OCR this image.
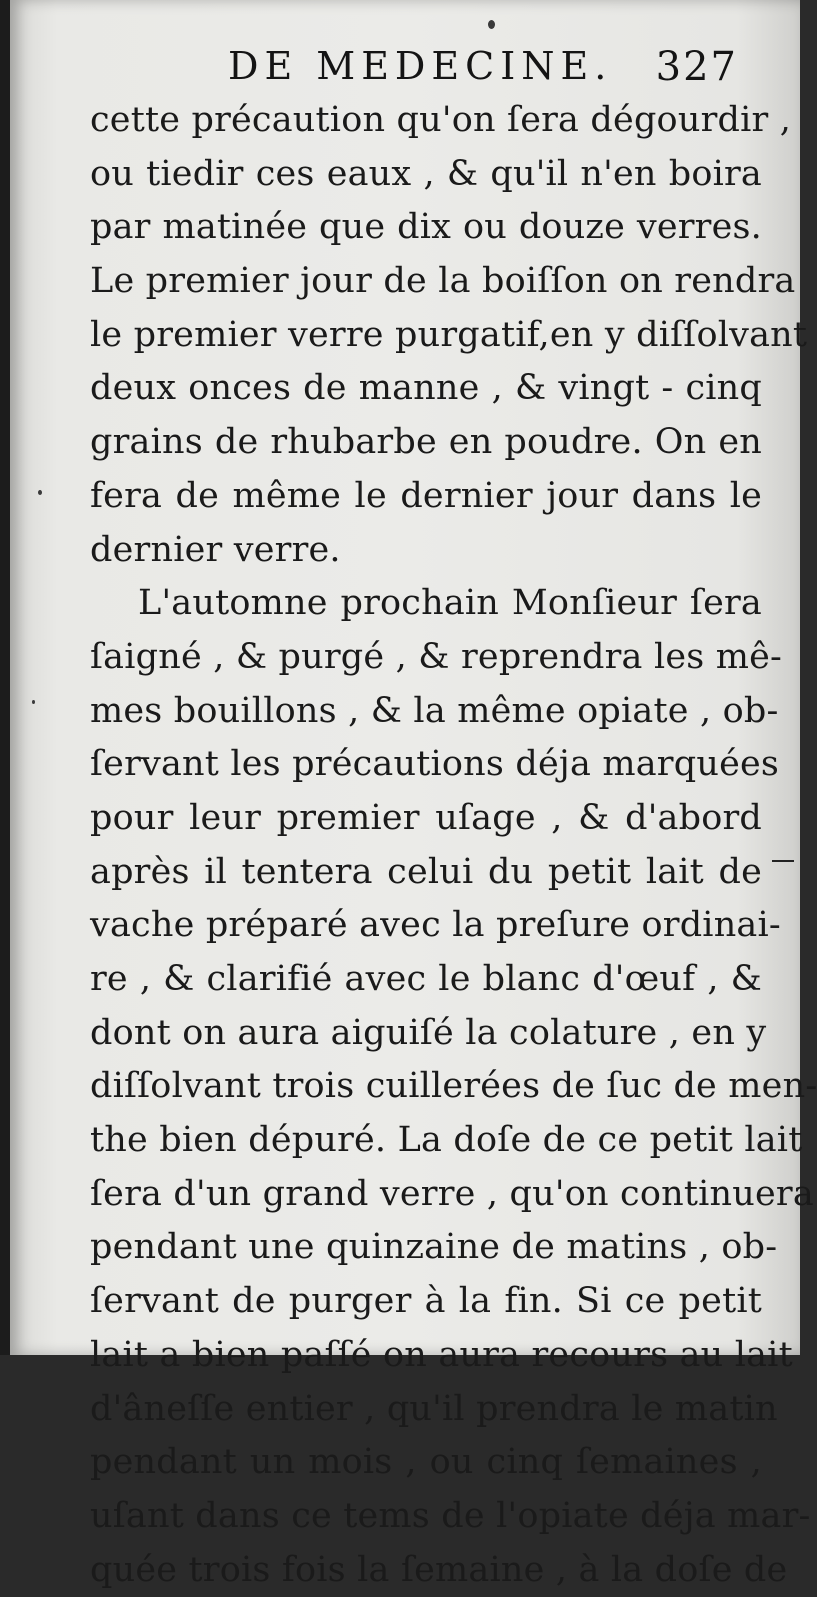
DE MEDECINE. 327
cette précaution qu'on ſera dégourdir ,
ou tiedir ces eaux , & qu'il n'en boira
par matinée que dix ou douze verres.
Le premier jour de la boiſſon on rendra
le premier verre purgatif,en y diſſolvant
deux onces de manne , & vingt - cinq
grains de rhubarbe en poudre. On en
fera de même le dernier jour dans le
dernier verre.
L'automne prochain Monſieur ſera
ſaigné , & purgé , & reprendra les mê-
mes bouillons , & la même opiate , ob-
ſervant les précautions déja marquées
pour leur premier uſage , & d'abord
après il tentera celui du petit lait de
vache préparé avec la preſure ordinai-
re , & clarifié avec le blanc d'œuf , &
dont on aura aiguiſé la colature , en y
diſſolvant trois cuillerées de ſuc de men-
the bien dépuré. La doſe de ce petit lait
ſera d'un grand verre , qu'on continuera
pendant une quinzaine de matins , ob-
ſervant de purger à la fin. Si ce petit
lait a bien paſſé on aura recours au lait
d'âneſſe entier , qu'il prendra le matin
pendant un mois , ou cinq ſemaines ,
uſant dans ce tems de l'opiate déja mar-
quée trois fois la ſemaine , à la doſe de
